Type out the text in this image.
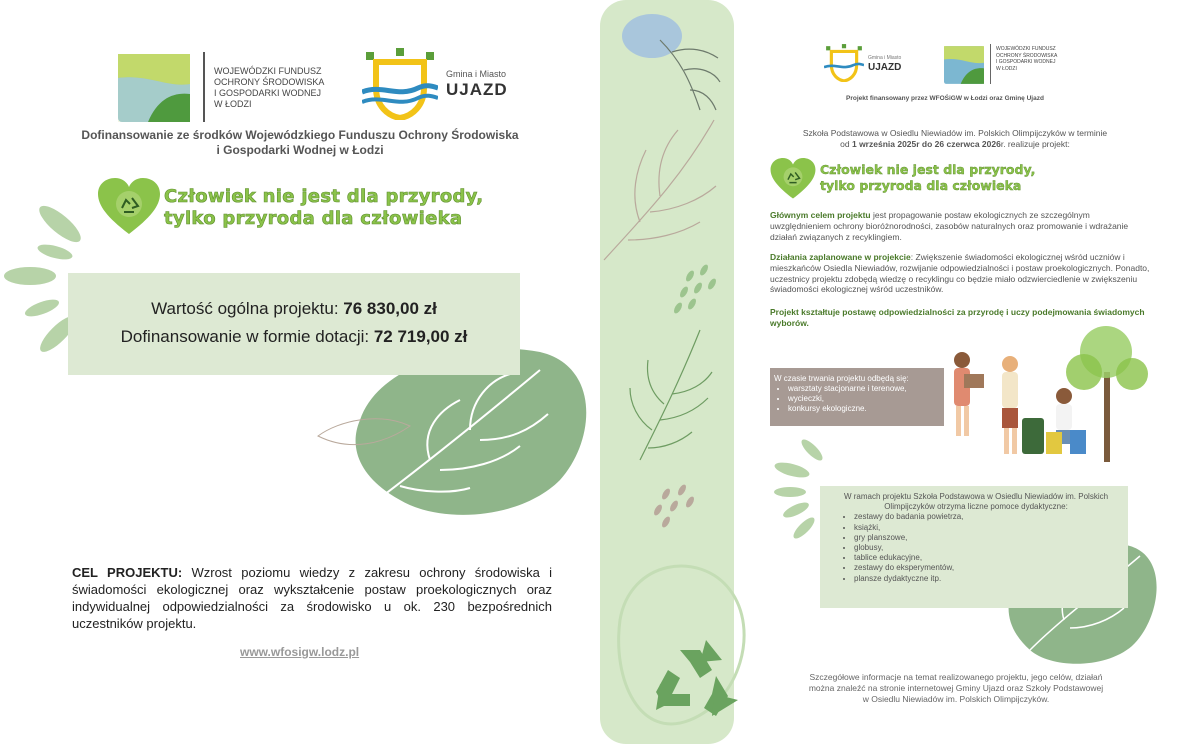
WOJEWÓDZKI FUNDUSZ
OCHRONY ŚRODOWISKA
I GOSPODARKI WODNEJ
W ŁODZI
Gmina i Miasto
UJAZD
Dofinansowanie ze środków Wojewódzkiego Funduszu Ochrony Środowiska
i Gospodarki Wodnej w Łodzi
Człowiek nie jest dla przyrody,
tylko przyroda dla człowieka
Wartość ogólna projektu: 76 830,00 zł
Dofinansowanie w formie dotacji: 72 719,00 zł
CEL PROJEKTU: Wzrost poziomu wiedzy z zakresu ochrony środowiska i świadomości ekologicznej oraz wykształcenie postaw proekologicznych oraz indywidualnej odpowiedzialności za środowisko u ok. 230 bezpośrednich uczestników projektu.
www.wfosigw.lodz.pl
Gmina i Miasto
UJAZD
WOJEWÓDZKI FUNDUSZ
OCHRONY ŚRODOWISKA
I GOSPODARKI WODNEJ
W ŁODZI
Projekt finansowany przez WFOŚiGW w Łodzi oraz Gminę Ujazd
Szkoła Podstawowa w Osiedlu Niewiadów im. Polskich Olimpijczyków w terminie
od 1 września 2025r do 26 czerwca 2026r. realizuje projekt:
Człowiek nie jest dla przyrody,
tylko przyroda dla człowieka
Głównym celem projektu jest propagowanie postaw ekologicznych ze szczególnym uwzględnieniem ochrony bioróżnorodności, zasobów naturalnych oraz promowanie i wdrażanie działań związanych z recyklingiem.
Działania zaplanowane w projekcie: Zwiększenie świadomości ekologicznej wśród uczniów i mieszkańców Osiedla Niewiadów, rozwijanie odpowiedzialności i postaw proekologicznych. Ponadto, uczestnicy projektu zdobędą wiedzę o recyklingu co będzie miało odzwierciedlenie w zwiększeniu świadomości ekologicznej wśród uczestników.
Projekt kształtuje postawę odpowiedzialności za przyrodę i uczy podejmowania świadomych wyborów.
W czasie trwania projektu odbędą się:
• warsztaty stacjonarne i terenowe,
• wycieczki,
• konkursy ekologiczne.
W ramach projektu Szkoła Podstawowa w Osiedlu Niewiadów im. Polskich Olimpijczyków otrzyma liczne pomoce dydaktyczne:
• zestawy do badania powietrza,
• książki,
• gry planszowe,
• globusy,
• tablice edukacyjne,
• zestawy do eksperymentów,
• plansze dydaktyczne itp.
Szczegółowe informacje na temat realizowanego projektu, jego celów, działań
można znaleźć na stronie internetowej Gminy Ujazd oraz Szkoły Podstawowej
w Osiedlu Niewiadów im. Polskich Olimpijczyków.
